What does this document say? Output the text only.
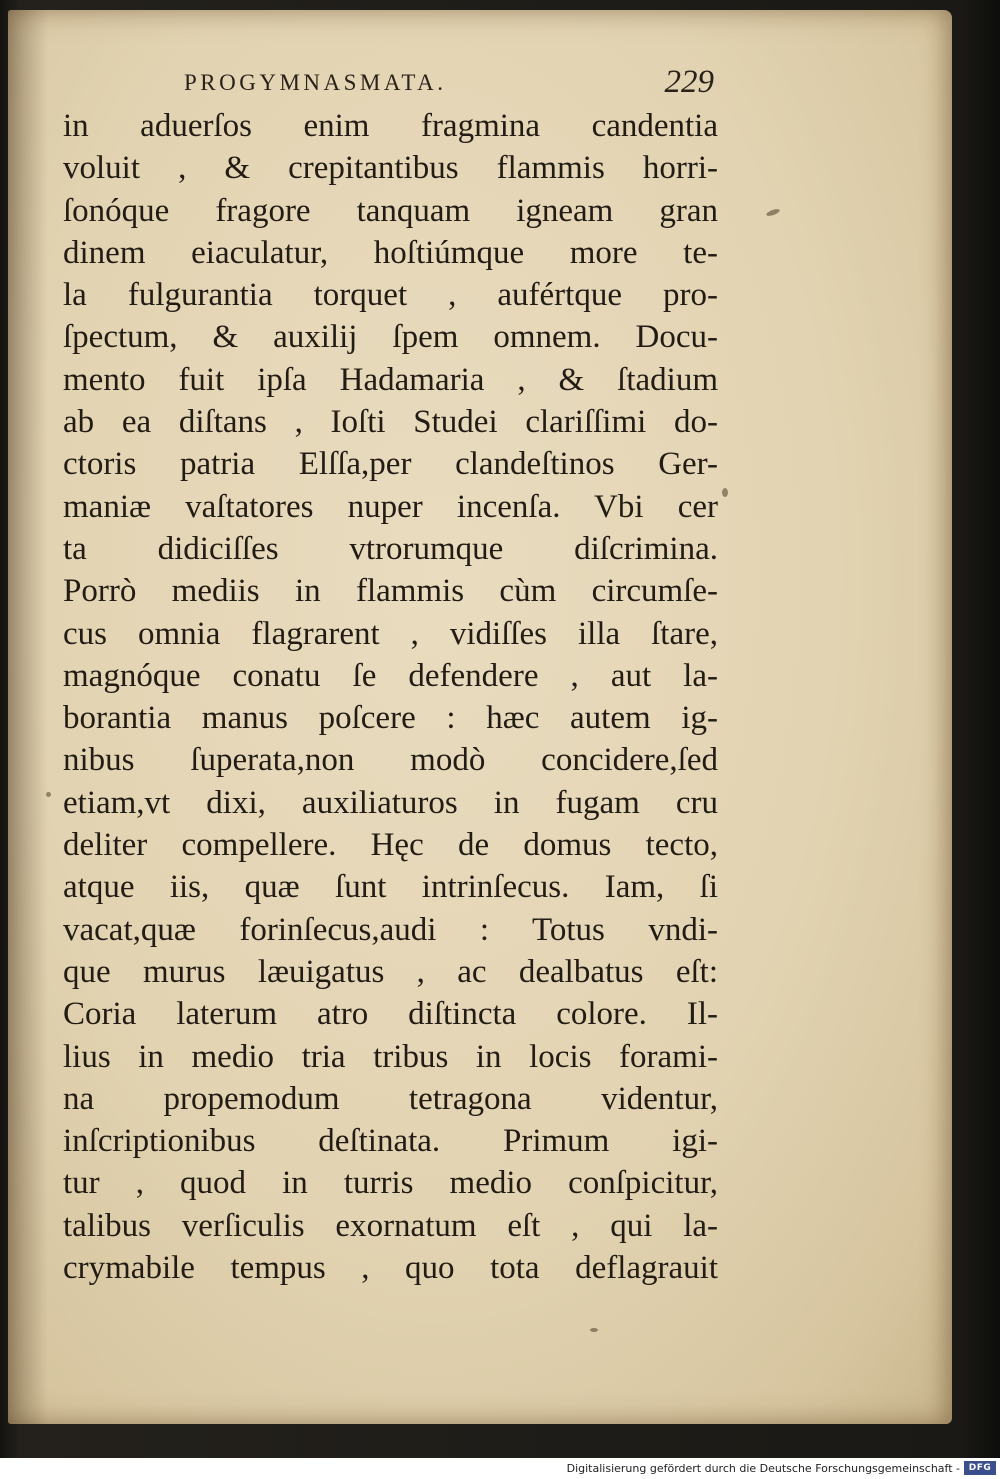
PROGYMNASMATA.	229
in aduerſos enim fragmina candentia
voluit , & crepitantibus flammis horri-
ſonóque fragore tanquam igneam gran
dinem eiaculatur, hoſtiúmque more te-
la fulgurantia torquet , aufértque pro-
ſpectum, & auxilij ſpem omnem. Docu-
mento fuit ipſa Hadamaria , & ſtadium
ab ea diſtans , Ioſti Studei clariſſimi do-
ctoris patria Elſſa,per clandeſtinos Ger-
maniæ vaſtatores nuper incenſa. Vbi cer
ta didiciſſes vtrorumque diſcrimina.
Porrò mediis in flammis cùm circumſe-
cus omnia flagrarent , vidiſſes illa ſtare,
magnóque conatu ſe defendere , aut la-
borantia manus poſcere : hæc autem ig-
nibus ſuperata,non modò concidere,ſed
etiam,vt dixi, auxiliaturos in fugam cru
deliter compellere. Hęc de domus tecto,
atque iis, quæ ſunt intrinſecus. Iam, ſi
vacat,quæ forinſecus,audi : Totus vndi-
que murus læuigatus , ac dealbatus eſt:
Coria laterum atro diſtincta colore. Il-
lius in medio tria tribus in locis forami-
na propemodum tetragona videntur,
inſcriptionibus deſtinata. Primum igi-
tur , quod in turris medio conſpicitur,
talibus verſiculis exornatum eſt , qui la-
crymabile tempus , quo tota deflagrauit
Digitalisierung gefördert durch die Deutsche Forschungsgemeinschaft - DFG
